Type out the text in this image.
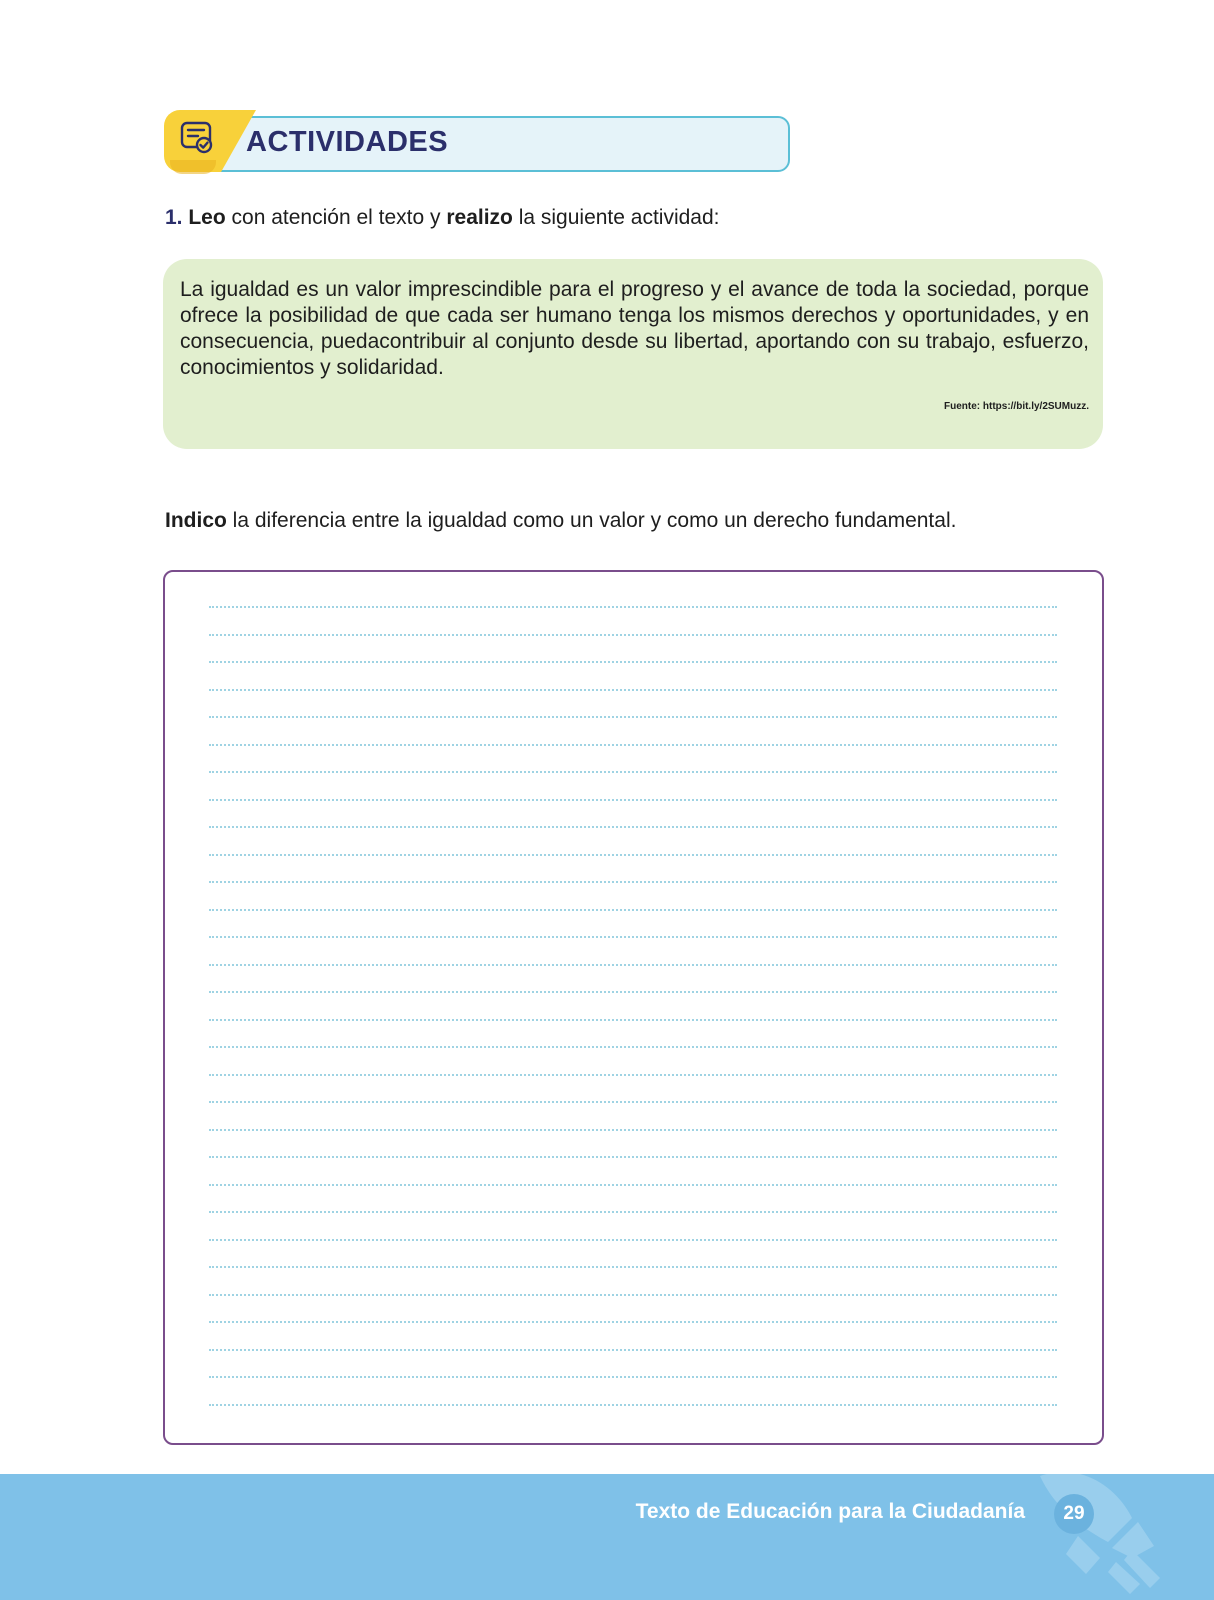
ACTIVIDADES
1. Leo con atención el texto y realizo la siguiente actividad:

La igualdad es un valor imprescindible para el progreso y el avance de toda la sociedad, porque ofrece la posibilidad de que cada ser humano tenga los mismos derechos y oportunidades, y en consecuencia, puedacontribuir al conjunto desde su libertad, aportando con su trabajo, esfuerzo, conocimientos y solidaridad.

Fuente: https://bit.ly/2SUMuzz.
Indico la diferencia entre la igualdad como un valor y como un derecho fundamental.
Texto de Educación para la Ciudadanía	29
